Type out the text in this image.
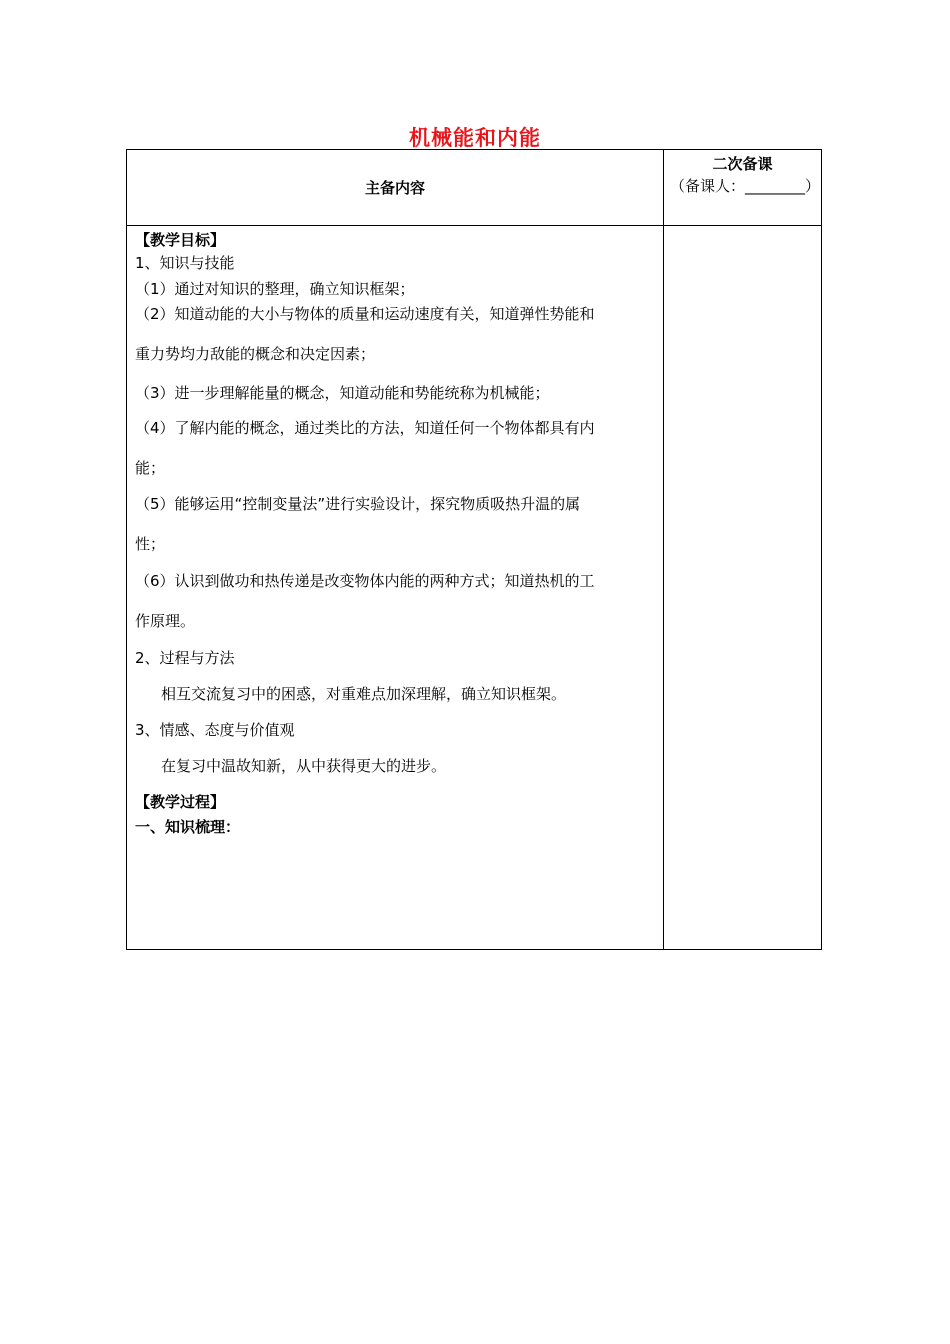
机械能和内能
主备内容
二次备课
（备课人：________）
【教学目标】
1、知识与技能
（1）通过对知识的整理，确立知识框架；
（2）知道动能的大小与物体的质量和运动速度有关，知道弹性势能和
重力势均力敌能的概念和决定因素；
（3）进一步理解能量的概念，知道动能和势能统称为机械能；
（4）了解内能的概念，通过类比的方法，知道任何一个物体都具有内
能；
（5）能够运用“控制变量法”进行实验设计，探究物质吸热升温的属
性；
（6）认识到做功和热传递是改变物体内能的两种方式；知道热机的工
作原理。
2、过程与方法
相互交流复习中的困惑，对重难点加深理解，确立知识框架。
3、情感、态度与价值观
在复习中温故知新，从中获得更大的进步。
【教学过程】
一、知识梳理：
